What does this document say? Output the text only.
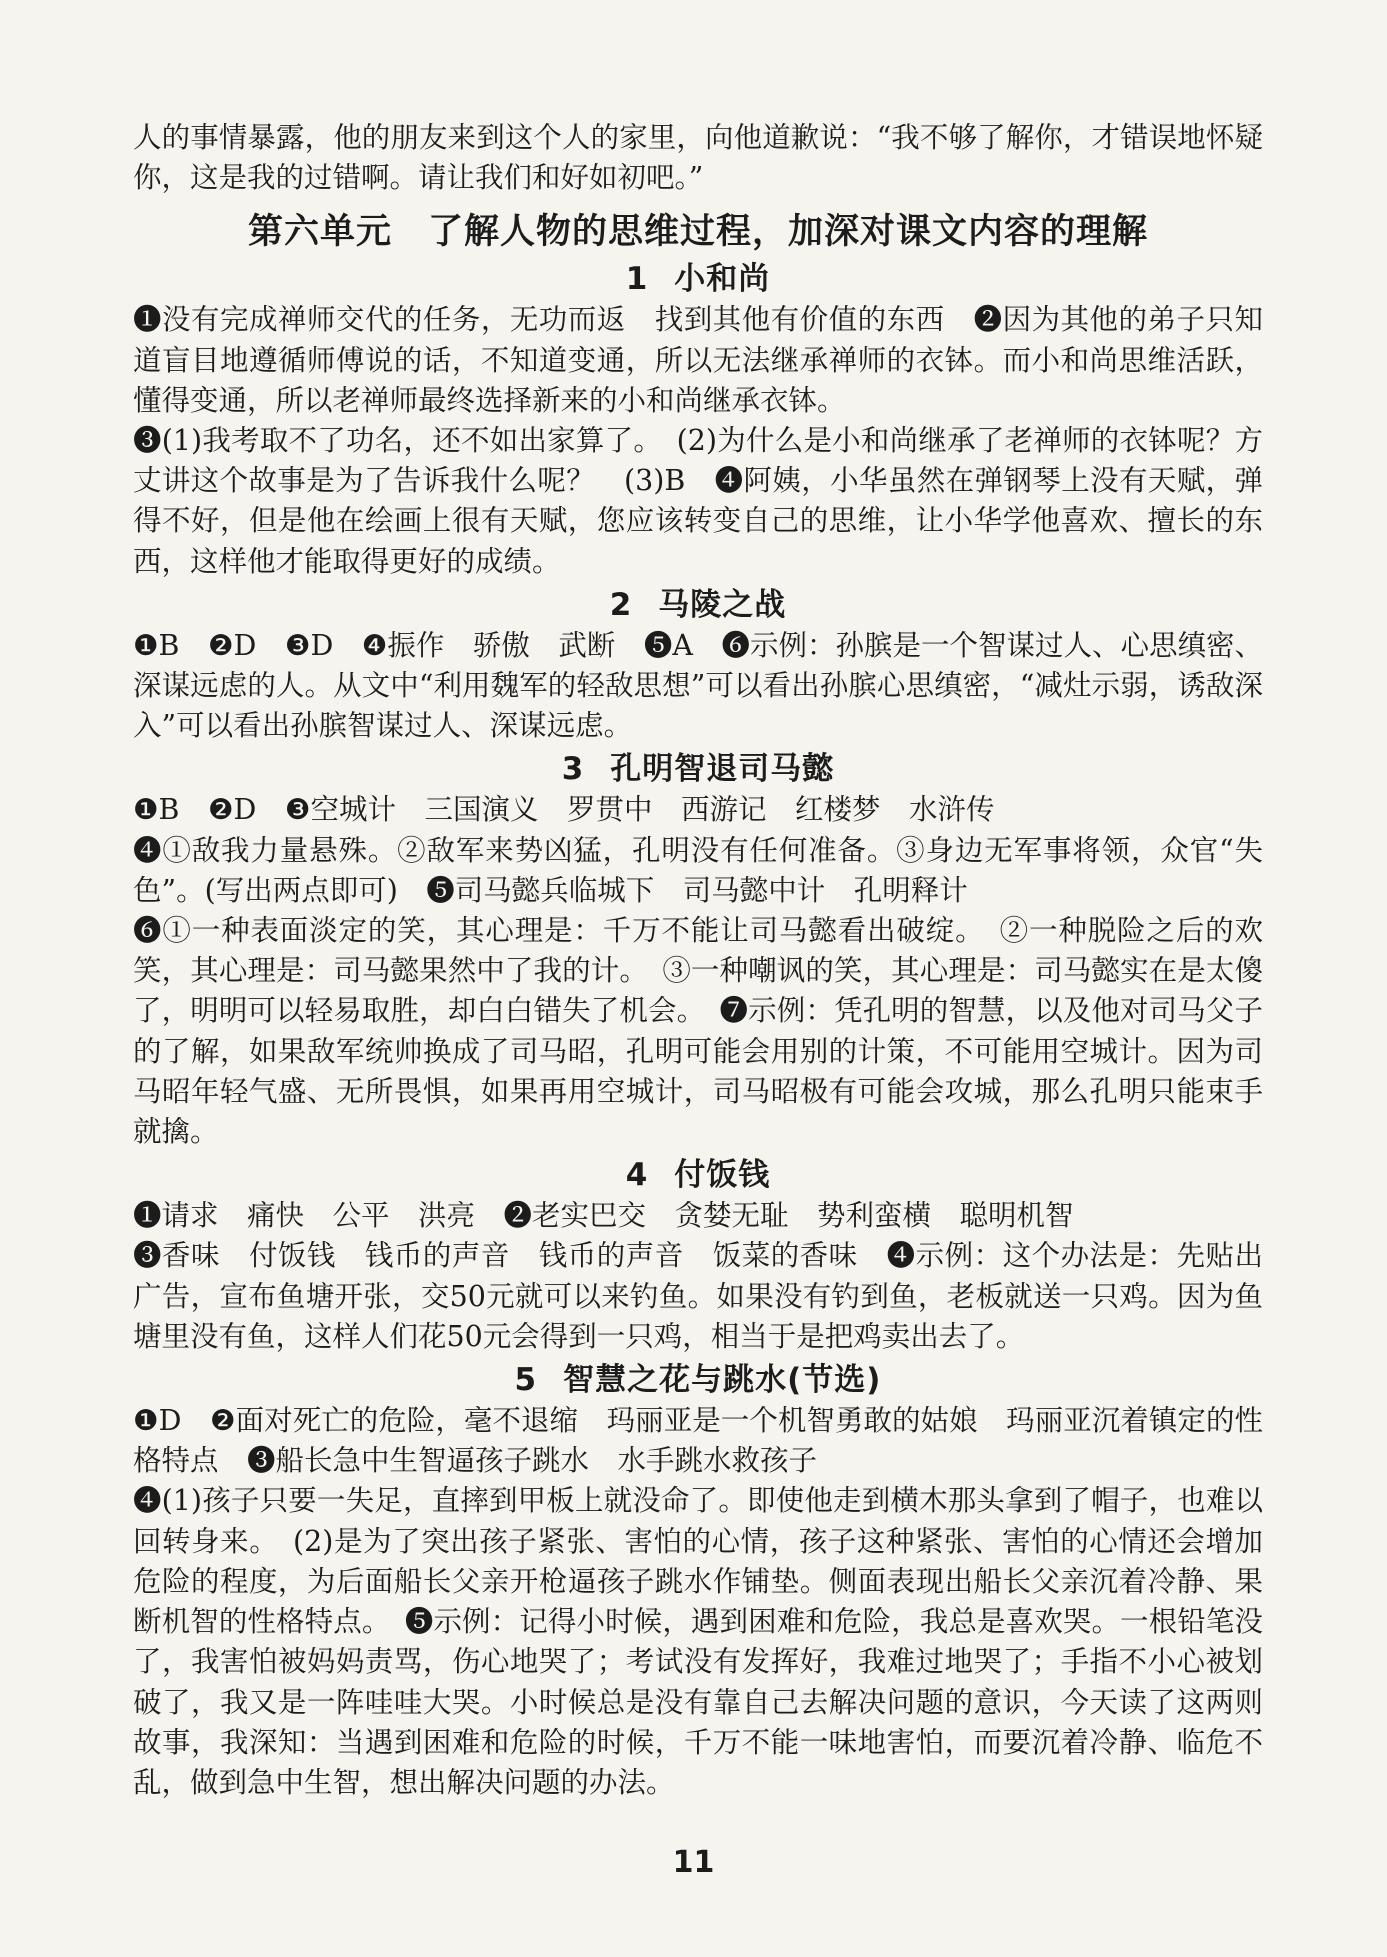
人的事情暴露，他的朋友来到这个人的家里，向他道歉说：“我不够了解你，才错误地怀疑你，这是我的过错啊。请让我们和好如初吧。”

第六单元　了解人物的思维过程，加深对课文内容的理解
1 小和尚

❶没有完成禅师交代的任务，无功而返　找到其他有价值的东西　❷因为其他的弟子只知道盲目地遵循师傅说的话，不知道变通，所以无法继承禅师的衣钵。而小和尚思维活跃，懂得变通，所以老禅师最终选择新来的小和尚继承衣钵。

❸(1)我考取不了功名，还不如出家算了。　(2)为什么是小和尚继承了老禅师的衣钵呢？方丈讲这个故事是为了告诉我什么呢？　(3)B　❹阿姨，小华虽然在弹钢琴上没有天赋，弹得不好，但是他在绘画上很有天赋，您应该转变自己的思维，让小华学他喜欢、擅长的东西，这样他才能取得更好的成绩。

2 马陵之战

❶B　❷D　❸D　❹振作　骄傲　武断　❺A　❻示例：孙膑是一个智谋过人、心思缜密、深谋远虑的人。从文中“利用魏军的轻敌思想”可以看出孙膑心思缜密，“减灶示弱，诱敌深入”可以看出孙膑智谋过人、深谋远虑。

3 孔明智退司马懿

❶B　❷D　❸空城计　三国演义　罗贯中　西游记　红楼梦　水浒传

❹①敌我力量悬殊。②敌军来势凶猛，孔明没有任何准备。③身边无军事将领，众官“失色”。(写出两点即可)　❺司马懿兵临城下　司马懿中计　孔明释计

❻①一种表面淡定的笑，其心理是：千万不能让司马懿看出破绽。　②一种脱险之后的欢笑，其心理是：司马懿果然中了我的计。　③一种嘲讽的笑，其心理是：司马懿实在是太傻了，明明可以轻易取胜，却白白错失了机会。　❼示例：凭孔明的智慧，以及他对司马父子的了解，如果敌军统帅换成了司马昭，孔明可能会用别的计策，不可能用空城计。因为司马昭年轻气盛、无所畏惧，如果再用空城计，司马昭极有可能会攻城，那么孔明只能束手就擒。

4 付饭钱

❶请求　痛快　公平　洪亮　❷老实巴交　贪婪无耻　势利蛮横　聪明机智

❸香味　付饭钱　钱币的声音　钱币的声音　饭菜的香味　❹示例：这个办法是：先贴出广告，宣布鱼塘开张，交50元就可以来钓鱼。如果没有钓到鱼，老板就送一只鸡。因为鱼塘里没有鱼，这样人们花50元会得到一只鸡，相当于是把鸡卖出去了。

5 智慧之花与跳水(节选)

❶D　❷面对死亡的危险，毫不退缩　玛丽亚是一个机智勇敢的姑娘　玛丽亚沉着镇定的性格特点　❸船长急中生智逼孩子跳水　水手跳水救孩子

❹(1)孩子只要一失足，直摔到甲板上就没命了。即使他走到横木那头拿到了帽子，也难以回转身来。　(2)是为了突出孩子紧张、害怕的心情，孩子这种紧张、害怕的心情还会增加危险的程度，为后面船长父亲开枪逼孩子跳水作铺垫。侧面表现出船长父亲沉着冷静、果断机智的性格特点。　❺示例：记得小时候，遇到困难和危险，我总是喜欢哭。一根铅笔没了，我害怕被妈妈责骂，伤心地哭了；考试没有发挥好，我难过地哭了；手指不小心被划破了，我又是一阵哇哇大哭。小时候总是没有靠自己去解决问题的意识，今天读了这两则故事，我深知：当遇到困难和危险的时候，千万不能一味地害怕，而要沉着冷静、临危不乱，做到急中生智，想出解决问题的办法。

11
